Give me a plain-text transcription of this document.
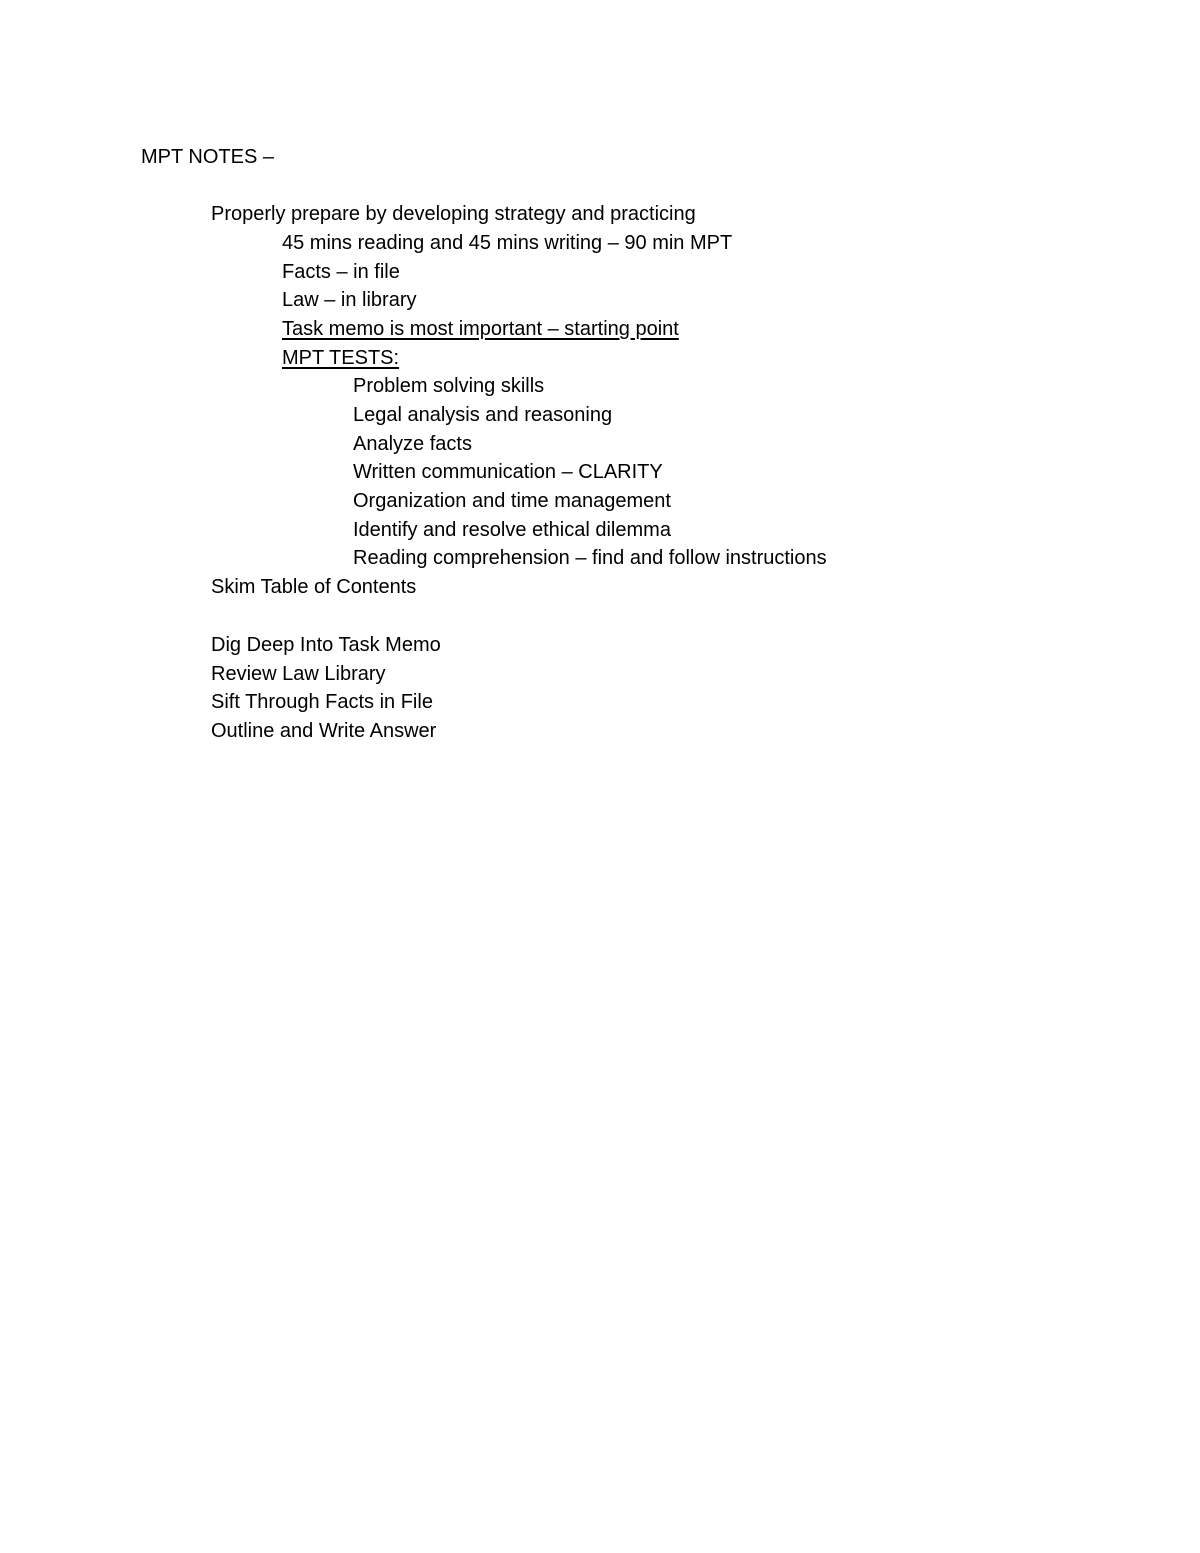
MPT NOTES –
Properly prepare by developing strategy and practicing
45 mins reading and 45 mins writing – 90 min MPT
Facts – in file
Law – in library
Task memo is most important – starting point
MPT TESTS:
Problem solving skills
Legal analysis and reasoning
Analyze facts
Written communication – CLARITY
Organization and time management
Identify and resolve ethical dilemma
Reading comprehension – find and follow instructions
Skim Table of Contents
Dig Deep Into Task Memo
Review Law Library
Sift Through Facts in File
Outline and Write Answer
